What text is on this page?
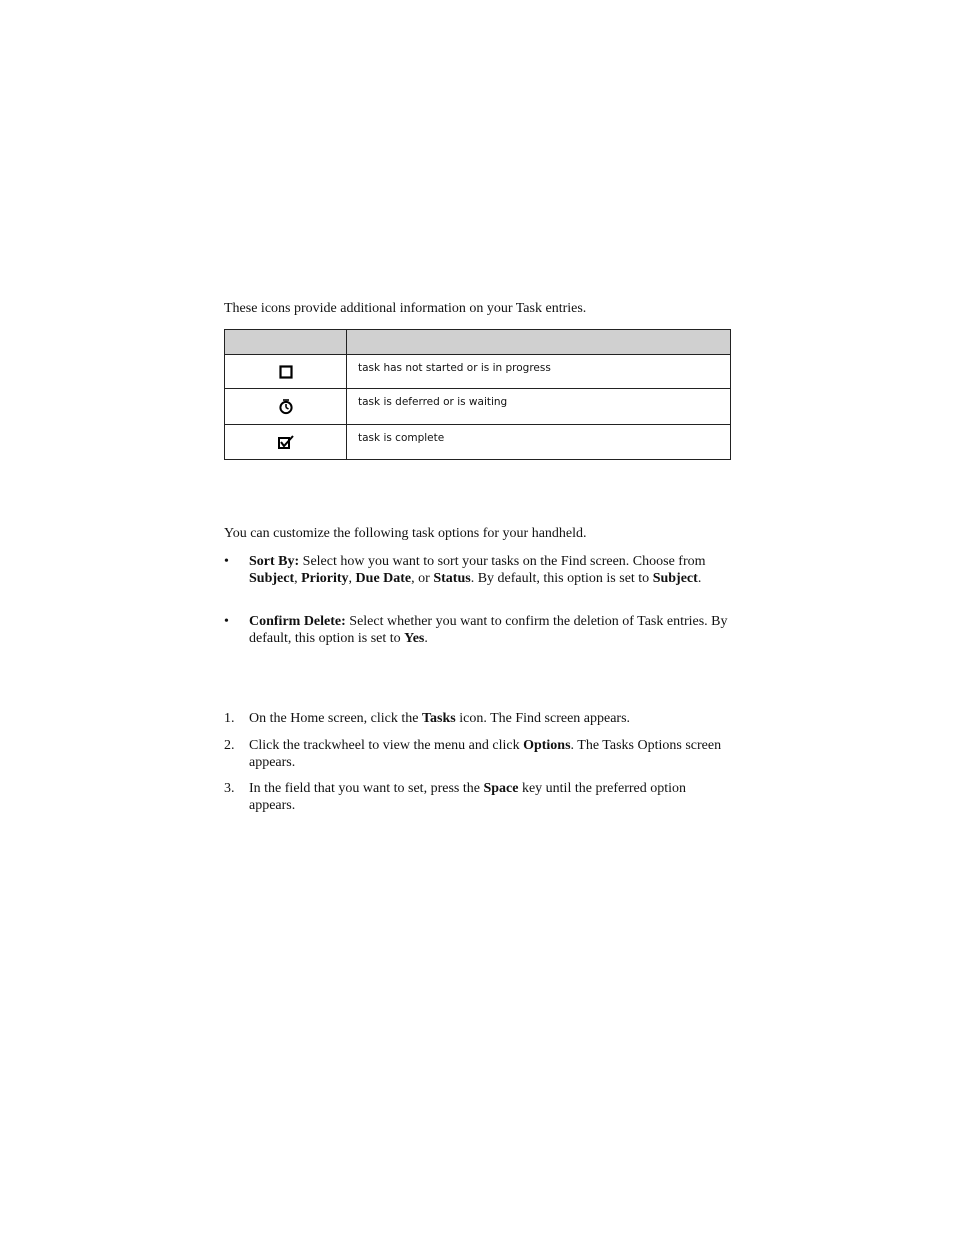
These icons provide additional information on your Task entries.

	task has not started or is in progress

	task is deferred or is waiting

	task is complete

You can customize the following task options for your handheld.

• Sort By: Select how you want to sort your tasks on the Find screen. Choose from Subject, Priority, Due Date, or Status. By default, this option is set to Subject.
• Confirm Delete: Select whether you want to confirm the deletion of Task entries. By default, this option is set to Yes.
1. On the Home screen, click the Tasks icon. The Find screen appears.
2. Click the trackwheel to view the menu and click Options. The Tasks Options screen appears.
3. In the field that you want to set, press the Space key until the preferred option appears.
